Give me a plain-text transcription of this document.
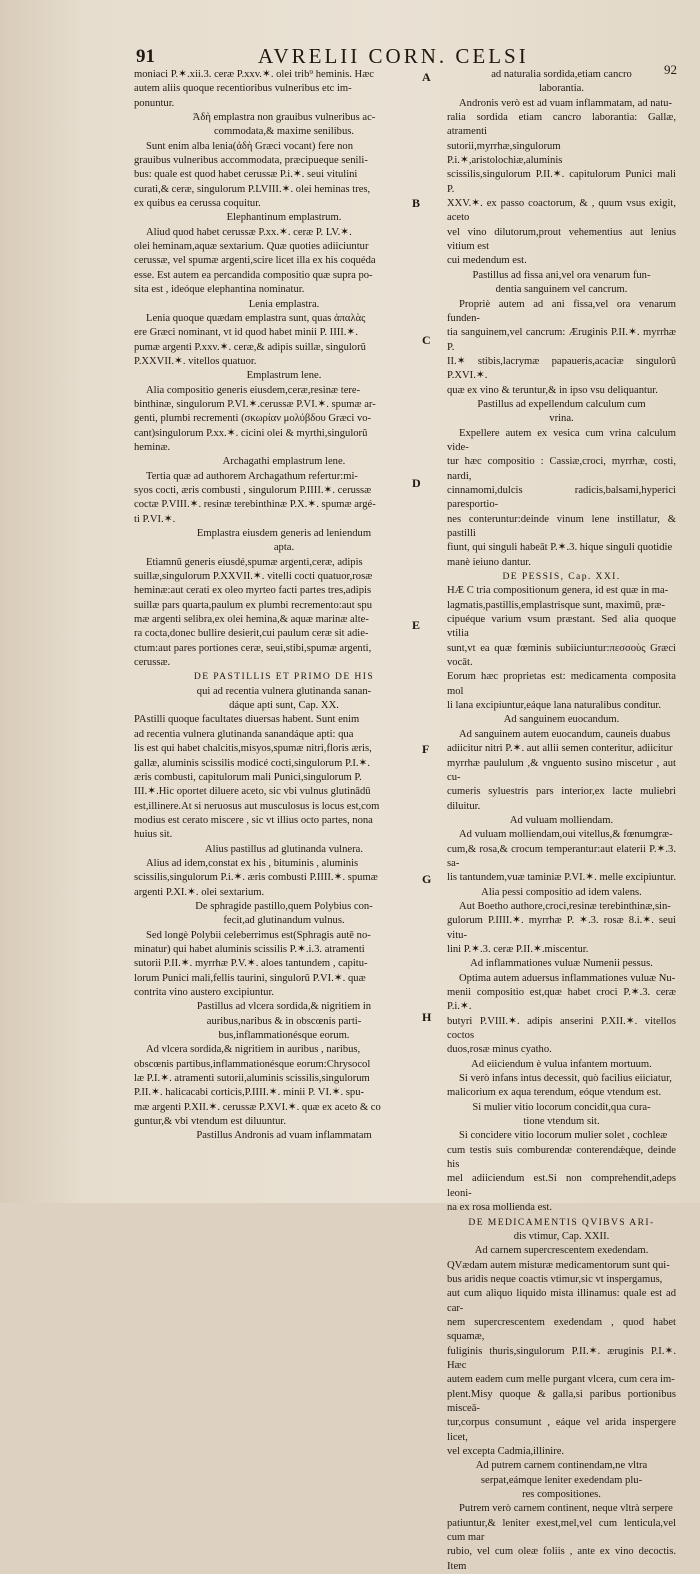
91	AVRELII CORN. CELSI
92

moniaci P.✶.xii.3. ceræ P.xxv.✶. olei trib⁹ heminis. Hæc

autem aliis quoque recentioribus vulneribus etc im-

ponuntur.

Ἀδὴ emplastra non grauibus vulneribus ac-

commodata,& maxime senilibus.

Sunt enim alba lenia(ἀδὴ Græci vocant) fere non

grauibus vulneribus accommodata, præcipueque senili-

bus: quale est quod habet cerussæ P.i.✶. seui vitulini

curati,& ceræ, singulorum P.LVIII.✶. olei heminas tres,

ex quibus ea cerussa coquitur.

Elephantinum emplastrum.

Aliud quod habet cerussæ P.xx.✶. ceræ P. LV.✶.

olei heminam,aquæ sextarium. Quæ quoties adiiciuntur

cerussæ, vel spumæ argenti,scire licet illa ex his coquéda

esse. Est autem ea percandida compositio quæ supra po-

sita est , ideóque elephantina nominatur.

Lenia emplastra.

Lenia quoque quædam emplastra sunt, quas ἀπαλὰς

ere Græci nominant, vt id quod habet minii P. IIII.✶.

pumæ argenti P.xxv.✶. ceræ,& adipis suillæ, singulorũ

P.XXVII.✶. vitellos quatuor.

Emplastrum lene.

Alia compositio generis eiusdem,ceræ,resinæ tere-

binthinæ, singulorum P.VI.✶.cerussæ P.VI.✶. spumæ ar-

genti, plumbi recrementi (σκωρίαν μολύβδου Græci vo-

cant)singulorum P.xx.✶. cicini olei & myrthi,singulorũ

heminæ.

Archagathi emplastrum lene.

Tertia quæ ad authorem Archagathum refertur:mi-

syos cocti, æris combusti , singulorum P.IIII.✶. cerussæ

coctæ P.VIII.✶. resinæ terebinthinæ P.X.✶. spumæ argé-

ti P.VI.✶.

Emplastra eiusdem generis ad leniendum

apta.

Etiamnũ generis eiusdé,spumæ argenti,ceræ, adipis

suillæ,singulorum P.XXVII.✶. vitelli cocti quatuor,rosæ

heminæ:aut cerati ex oleo myrteo facti partes tres,adipis

suillæ pars quarta,paulum ex plumbi recremento:aut spu

mæ argenti selibra,ex olei hemina,& aquæ marinæ alte-

ra cocta,donec bullire desierit,cui paulum ceræ sit adie-

ctum:aut pares portiones ceræ, seui,stibi,spumæ argenti,

cerussæ.

DE PASTILLIS ET PRIMO DE HIS

qui ad recentia vulnera glutinanda sanan-

dáque apti sunt, Cap. XX.

PAstilli quoque facultates diuersas habent. Sunt enim

ad recentia vulnera glutinanda sanandáque apti: qua

lis est qui habet chalcitis,misyos,spumæ nitri,floris æris,

gallæ, aluminis scissilis modicé cocti,singulorum P.I.✶.

æris combusti, capitulorum mali Punici,singulorum P.

III.✶.Hic oportet diluere aceto, sic vbi vulnus glutinādū

est,illinere.At si neruosus aut musculosus is locus est,com

modius est cerato miscere , sic vt illius octo partes, nona

huius sit.

Alius pastillus ad glutinanda vulnera.

Alius ad idem,constat ex his , bituminis , aluminis

scissilis,singulorum P.i.✶. æris combusti P.IIII.✶. spumæ

argenti P.XI.✶. olei sextarium.

De sphragide pastillo,quem Polybius con-

fecit,ad glutinandum vulnus.

Sed longè Polybii celeberrimus est(Sphragis autē no-

minatur) qui habet aluminis scissilis P.✶.i.3. atramenti

sutorii P.II.✶. myrrhæ P.V.✶. aloes tantundem , capitu-

lorum Punici mali,fellis taurini, singulorũ P.VI.✶. quæ

contrita vino austero excipiuntur.

Pastillus ad vlcera sordida,& nigritiem in

auribus,naribus & in obscœnis parti-

bus,inflammationésque eorum.

Ad vlcera sordida,& nigritiem in auribus , naribus,

obscœnis partibus,inflammationésque eorum:Chrysocol

læ P.I.✶. atramenti sutorii,aluminis scissilis,singulorum

P.II.✶. halicacabi corticis,P.IIII.✶. minii P. VI.✶. spu-

mæ argenti P.XII.✶. cerussæ P.XVI.✶. quæ ex aceto & co

guntur,& vbi vtendum est diluuntur.

Pastillus Andronis ad vuam inflammatam

ad naturalia sordida,etiam cancro

laborantia.

Andronis verò est ad vuam inflammatam, ad natu-

ralia sordida etiam cancro laborantia: Gallæ, atramenti

sutorii,myrrhæ,singulorum P.i.✶,aristolochiæ,aluminis

scissilis,singulorum P.II.✶. capitulorum Punici mali P.

XXV.✶. ex passo coactorum, & , quum vsus exigit, aceto

vel vino dilutorum,prout vehementius aut lenius vitium est

cui medendum est.

Pastillus ad fissa ani,vel ora venarum fun-

dentia sanguinem vel cancrum.

Propriè autem ad ani fissa,vel ora venarum funden-

tia sanguinem,vel cancrum: Æruginis P.II.✶. myrrhæ P.

II.✶ stibis,lacrymæ papaueris,acaciæ singulorũ P.XVI.✶.

quæ ex vino & teruntur,& in ipso vsu deliquantur.

Pastillus ad expellendum calculum cum

vrina.

Expellere autem ex vesica cum vrina calculum vide-

tur hæc compositio : Cassiæ,croci, myrrhæ, costi, nardi,

cinnamomi,dulcis radicis,balsami,hyperici paresportio-

nes conteruntur:deinde vinum lene instillatur, & pastilli

fiunt, qui singuli habeāt P.✶.3. hique singuli quotidie

manè ieiuno dantur.

DE PESSIS, Cap. XXI.

HÆ C tria compositionum genera, id est quæ in ma-

lagmatis,pastillis,emplastrisque sunt, maximū, præ-

cipuéque varium vsum præstant. Sed alia quoque vtilia

sunt,vt ea quæ fœminis subiiciuntur:πεσσοὺς Græci vocāt.

Eorum hæc proprietas est: medicamenta composita mol

li lana excipiuntur,eáque lana naturalibus conditur.

Ad sanguinem euocandum.

Ad sanguinem autem euocandum, cauneis duabus

adiicitur nitri P.✶. aut allii semen conteritur, adiicitur

myrrhæ paululum ,& vnguento susino miscetur , aut cu-

cumeris syluestris pars interior,ex lacte muliebri diluitur.

Ad vuluam molliendam.

Ad vuluam molliendam,oui vitellus,& fœnumgræ-

cum,& rosa,& crocum temperantur:aut elaterii P.✶.3. sa-

lis tantundem,vuæ taminiæ P.VI.✶. melle excipiuntur.

Alia pessi compositio ad idem valens.

Aut Boetho authore,croci,resinæ terebinthinæ,sin-

gulorum P.IIII.✶. myrrhæ P. ✶.3. rosæ 8.i.✶. seui vitu-

lini P.✶.3. ceræ P.II.✶.miscentur.

Ad inflammationes vuluæ Numenii pessus.

Optima autem aduersus inflammationes vuluæ Nu-

menii compositio est,quæ habet croci P.✶.3. ceræ P.i.✶.

butyri P.VIII.✶. adipis anserini P.XII.✶. vitellos coctos

duos,rosæ minus cyatho.

Ad eiiciendum è vulua infantem mortuum.

Si verò infans intus decessit, quò facilius eiiciatur,

malicorium ex aqua terendum, eóque vtendum est.

Si mulier vitio locorum concidit,qua cura-

tione vtendum sit.

Si concidere vitio locorum mulier solet , cochleæ

cum testis suis comburendæ conterendǽque, deinde his

mel adiiciendum est.Si non comprehendit,adeps leoni-

na ex rosa mollienda est.

DE MEDICAMENTIS QVIBVS ARI-

dis vtimur, Cap. XXII.

Ad carnem supercrescentem exedendam.

QVædam autem misturæ medicamentorum sunt qui-

bus aridis neque coactis vtimur,sic vt inspergamus,

aut cum aliquo liquido mista illinamus: quale est ad car-

nem supercrescentem exedendam , quod habet squamæ,

fuliginis thuris,singulorum P.II.✶. æruginis P.I.✶. Hæc

autem eadem cum melle purgant vlcera, cum cera im-

plent.Misy quoque & galla,si paribus portionibus misceā-

tur,corpus consumunt , eáque vel arida inspergere licet,

vel excepta Cadmia,illinire.

Ad putrem carnem continendam,ne vltra

serpat,eámque leniter exedendam plu-

res compositiones.

Putrem verò carnem continent, neque vltrà serpere

patiuntur,& leniter exest,mel,vel cum lenticula,vel cum mar

rubio, vel cum oleæ foliis , ante ex vino decoctis. Item

A
B
C
D
E
F
G
H
